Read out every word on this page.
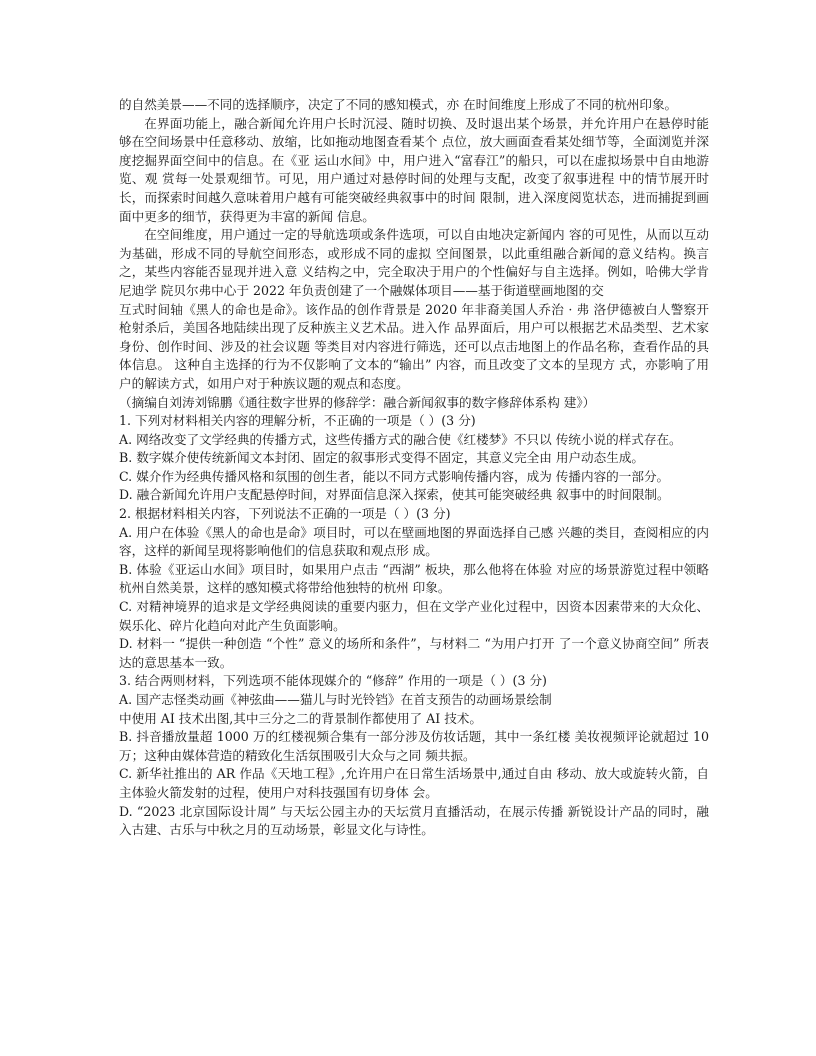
的自然美景——不同的选择顺序，决定了不同的感知模式，亦 在时间维度上形成了不同的杭州印象。

在界面功能上，融合新闻允许用户长时沉浸、随时切换、及时退出某个场景，并允许用户在悬停时能够在空间场景中任意移动、放缩，比如拖动地图查看某个 点位，放大画面查看某处细节等，全面浏览并深度挖掘界面空间中的信息。在《亚 运山水间》中，用户进入“富春江”的船只，可以在虚拟场景中自由地游览、观 赏每一处景观细节。可见，用户通过对悬停时间的处理与支配，改变了叙事进程 中的情节展开时长，而探索时间越久意味着用户越有可能突破经典叙事中的时间 限制，进入深度阅览状态，进而捕捉到画面中更多的细节，获得更为丰富的新闻 信息。

在空间维度，用户通过一定的导航选项或条件选项，可以自由地决定新闻内 容的可见性，从而以互动为基础，形成不同的导航空间形态，或形成不同的虚拟 空间图景，以此重组融合新闻的意义结构。换言之，某些内容能否显现并进入意 义结构之中，完全取决于用户的个性偏好与自主选择。例如，哈佛大学肯尼迪学 院贝尔弗中心于 2022 年负责创建了一个融媒体项目——基于街道壁画地图的交

互式时间轴《黑人的命也是命》。该作品的创作背景是 2020 年非裔美国人乔治 · 弗 洛伊德被白人警察开枪射杀后，美国各地陆续出现了反种族主义艺术品。进入作 品界面后，用户可以根据艺术品类型、艺术家身份、创作时间、涉及的社会议题 等类目对内容进行筛选，还可以点击地图上的作品名称，查看作品的具体信息。 这种自主选择的行为不仅影响了文本的“输出” 内容，而且改变了文本的呈现方 式，亦影响了用户的解读方式，如用户对于种族议题的观点和态度。

（摘编自刘涛刘锦鹏《通往数字世界的修辞学：融合新闻叙事的数字修辞体系构 建》）

1. 下列对材料相关内容的理解分析，不正确的一项是（ ）(3 分)

A. 网络改变了文学经典的传播方式，这些传播方式的融合使《红楼梦》不只以 传统小说的样式存在。

B. 数字媒介使传统新闻文本封闭、固定的叙事形式变得不固定，其意义完全由 用户动态生成。

C. 媒介作为经典传播风格和氛围的创生者，能以不同方式影响传播内容，成为 传播内容的一部分。

D. 融合新闻允许用户支配悬停时间，对界面信息深入探索，使其可能突破经典 叙事中的时间限制。

2. 根据材料相关内容，下列说法不正确的一项是（ ）(3 分)

A. 用户在体验《黑人的命也是命》项目时，可以在壁画地图的界面选择自己感 兴趣的类目，查阅相应的内容，这样的新闻呈现将影响他们的信息获取和观点形 成。

B. 体验《亚运山水间》项目时，如果用户点击 “西湖” 板块，那么他将在体验 对应的场景游览过程中领略杭州自然美景，这样的感知模式将带给他独特的杭州 印象。

C. 对精神境界的追求是文学经典阅读的重要内驱力，但在文学产业化过程中，因资本因素带来的大众化、娱乐化、碎片化趋向对此产生负面影响。

D. 材料一 “提供一种创造 “个性” 意义的场所和条件”，与材料二 “为用户打开 了一个意义协商空间” 所表达的意思基本一致。

3. 结合两则材料，下列选项不能体现媒介的 “修辞” 作用的一项是（ ）(3 分)

A. 国产志怪类动画《神弦曲——猫儿与时光铃铛》在首支预告的动画场景绘制

中使用 AI 技术出图,其中三分之二的背景制作都使用了 AI 技术。

B. 抖音播放量超 1000 万的红楼视频合集有一部分涉及仿妆话题，其中一条红楼 美妆视频评论就超过 10 万；这种由媒体营造的精致化生活氛围吸引大众与之同 频共振。

C. 新华社推出的 AR 作品《天地工程》,允许用户在日常生活场景中,通过自由 移动、放大或旋转火箭，自主体验火箭发射的过程，使用户对科技强国有切身体 会。

D. “2023 北京国际设计周” 与天坛公园主办的天坛赏月直播活动，在展示传播 新锐设计产品的同时，融入古建、古乐与中秋之月的互动场景，彰显文化与诗性。
